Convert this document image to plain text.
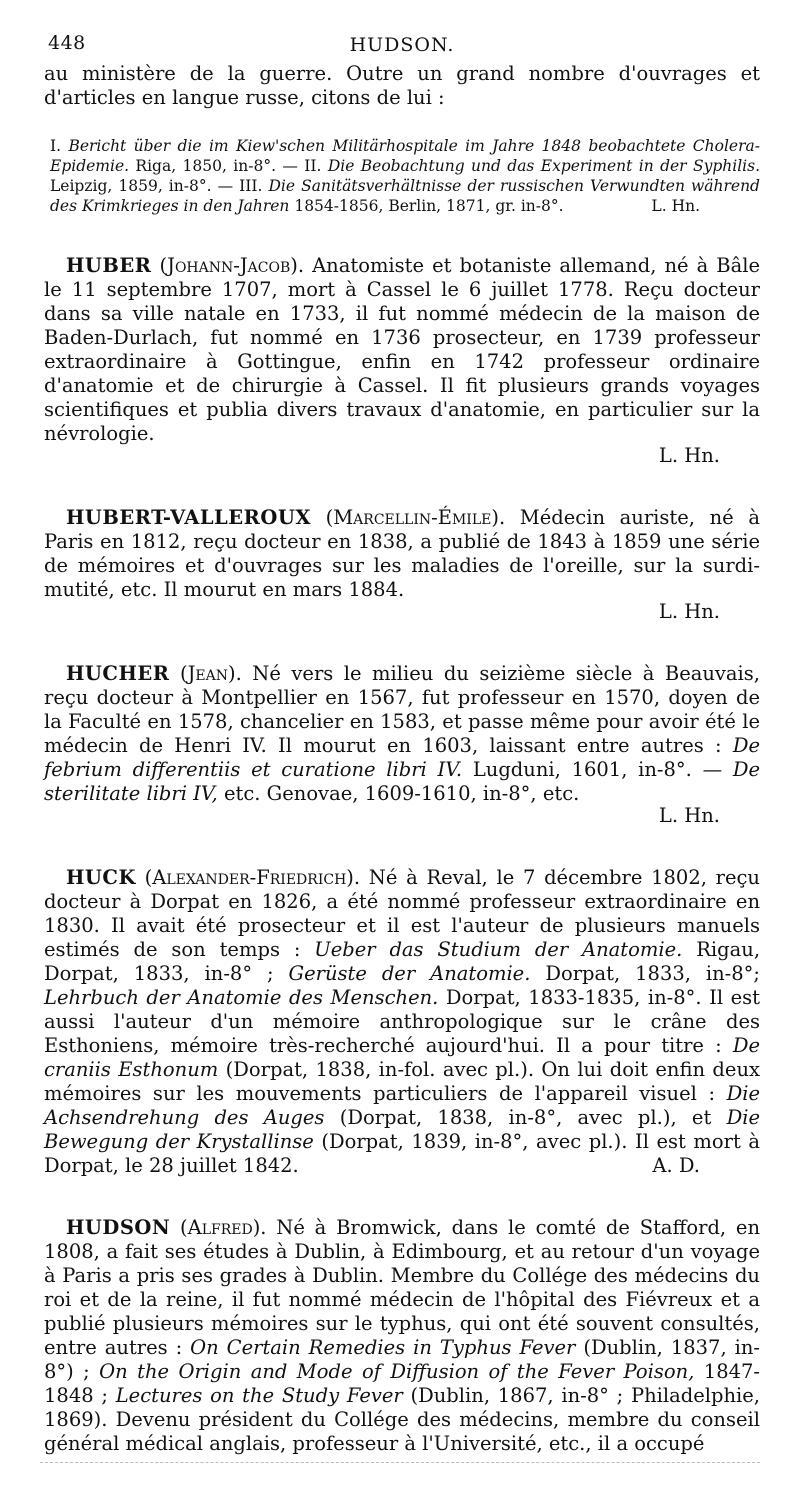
448	HUDSON.

au ministère de la guerre. Outre un grand nombre d'ouvrages et d'articles en langue russe, citons de lui :

I. Bericht über die im Kiew'schen Militärhospitale im Jahre 1848 beobachtete Cholera-Epidemie. Riga, 1850, in-8°. — II. Die Beobachtung und das Experiment in der Syphilis. Leipzig, 1859, in-8°. — III. Die Sanitätsverhältnisse der russischen Verwundten während des Krimkrieges in den Jahren 1854-1856, Berlin, 1871, gr. in-8°.	L. Hn.

HUBER (Johann-Jacob). Anatomiste et botaniste allemand, né à Bâle le 11 septembre 1707, mort à Cassel le 6 juillet 1778. Reçu docteur dans sa ville natale en 1733, il fut nommé médecin de la maison de Baden-Durlach, fut nommé en 1736 prosecteur, en 1739 professeur extraordinaire à Gottingue, enfin en 1742 professeur ordinaire d'anatomie et de chirurgie à Cassel. Il fit plusieurs grands voyages scientifiques et publia divers travaux d'anatomie, en particulier sur la névrologie.

L. Hn.

HUBERT-VALLEROUX (Marcellin-Émile). Médecin auriste, né à Paris en 1812, reçu docteur en 1838, a publié de 1843 à 1859 une série de mémoires et d'ouvrages sur les maladies de l'oreille, sur la surdi-mutité, etc. Il mourut en mars 1884.

L. Hn.

HUCHER (Jean). Né vers le milieu du seizième siècle à Beauvais, reçu docteur à Montpellier en 1567, fut professeur en 1570, doyen de la Faculté en 1578, chancelier en 1583, et passe même pour avoir été le médecin de Henri IV. Il mourut en 1603, laissant entre autres : De febrium differentiis et curatione libri IV. Lugduni, 1601, in-8°. — De sterilitate libri IV, etc. Genovae, 1609-1610, in-8°, etc.

L. Hn.

HUCK (Alexander-Friedrich). Né à Reval, le 7 décembre 1802, reçu docteur à Dorpat en 1826, a été nommé professeur extraordinaire en 1830. Il avait été prosecteur et il est l'auteur de plusieurs manuels estimés de son temps : Ueber das Studium der Anatomie. Rigau, Dorpat, 1833, in-8° ; Gerüste der Anatomie. Dorpat, 1833, in-8°; Lehrbuch der Anatomie des Menschen. Dorpat, 1833-1835, in-8°. Il est aussi l'auteur d'un mémoire anthropologique sur le crâne des Esthoniens, mémoire très-recherché aujourd'hui. Il a pour titre : De craniis Esthonum (Dorpat, 1838, in-fol. avec pl.). On lui doit enfin deux mémoires sur les mouvements particuliers de l'appareil visuel : Die Achsendrehung des Auges (Dorpat, 1838, in-8°, avec pl.), et Die Bewegung der Krystallinse (Dorpat, 1839, in-8°, avec pl.). Il est mort à Dorpat, le 28 juillet 1842.	A. D.

HUDSON (Alfred). Né à Bromwick, dans le comté de Stafford, en 1808, a fait ses études à Dublin, à Edimbourg, et au retour d'un voyage à Paris a pris ses grades à Dublin. Membre du Collége des médecins du roi et de la reine, il fut nommé médecin de l'hôpital des Fiévreux et a publié plusieurs mémoires sur le typhus, qui ont été souvent consultés, entre autres : On Certain Remedies in Typhus Fever (Dublin, 1837, in-8°) ; On the Origin and Mode of Diffusion of the Fever Poison, 1847-1848 ; Lectures on the Study Fever (Dublin, 1867, in-8° ; Philadelphie, 1869). Devenu président du Collége des médecins, membre du conseil général médical anglais, professeur à l'Université, etc., il a occupé
